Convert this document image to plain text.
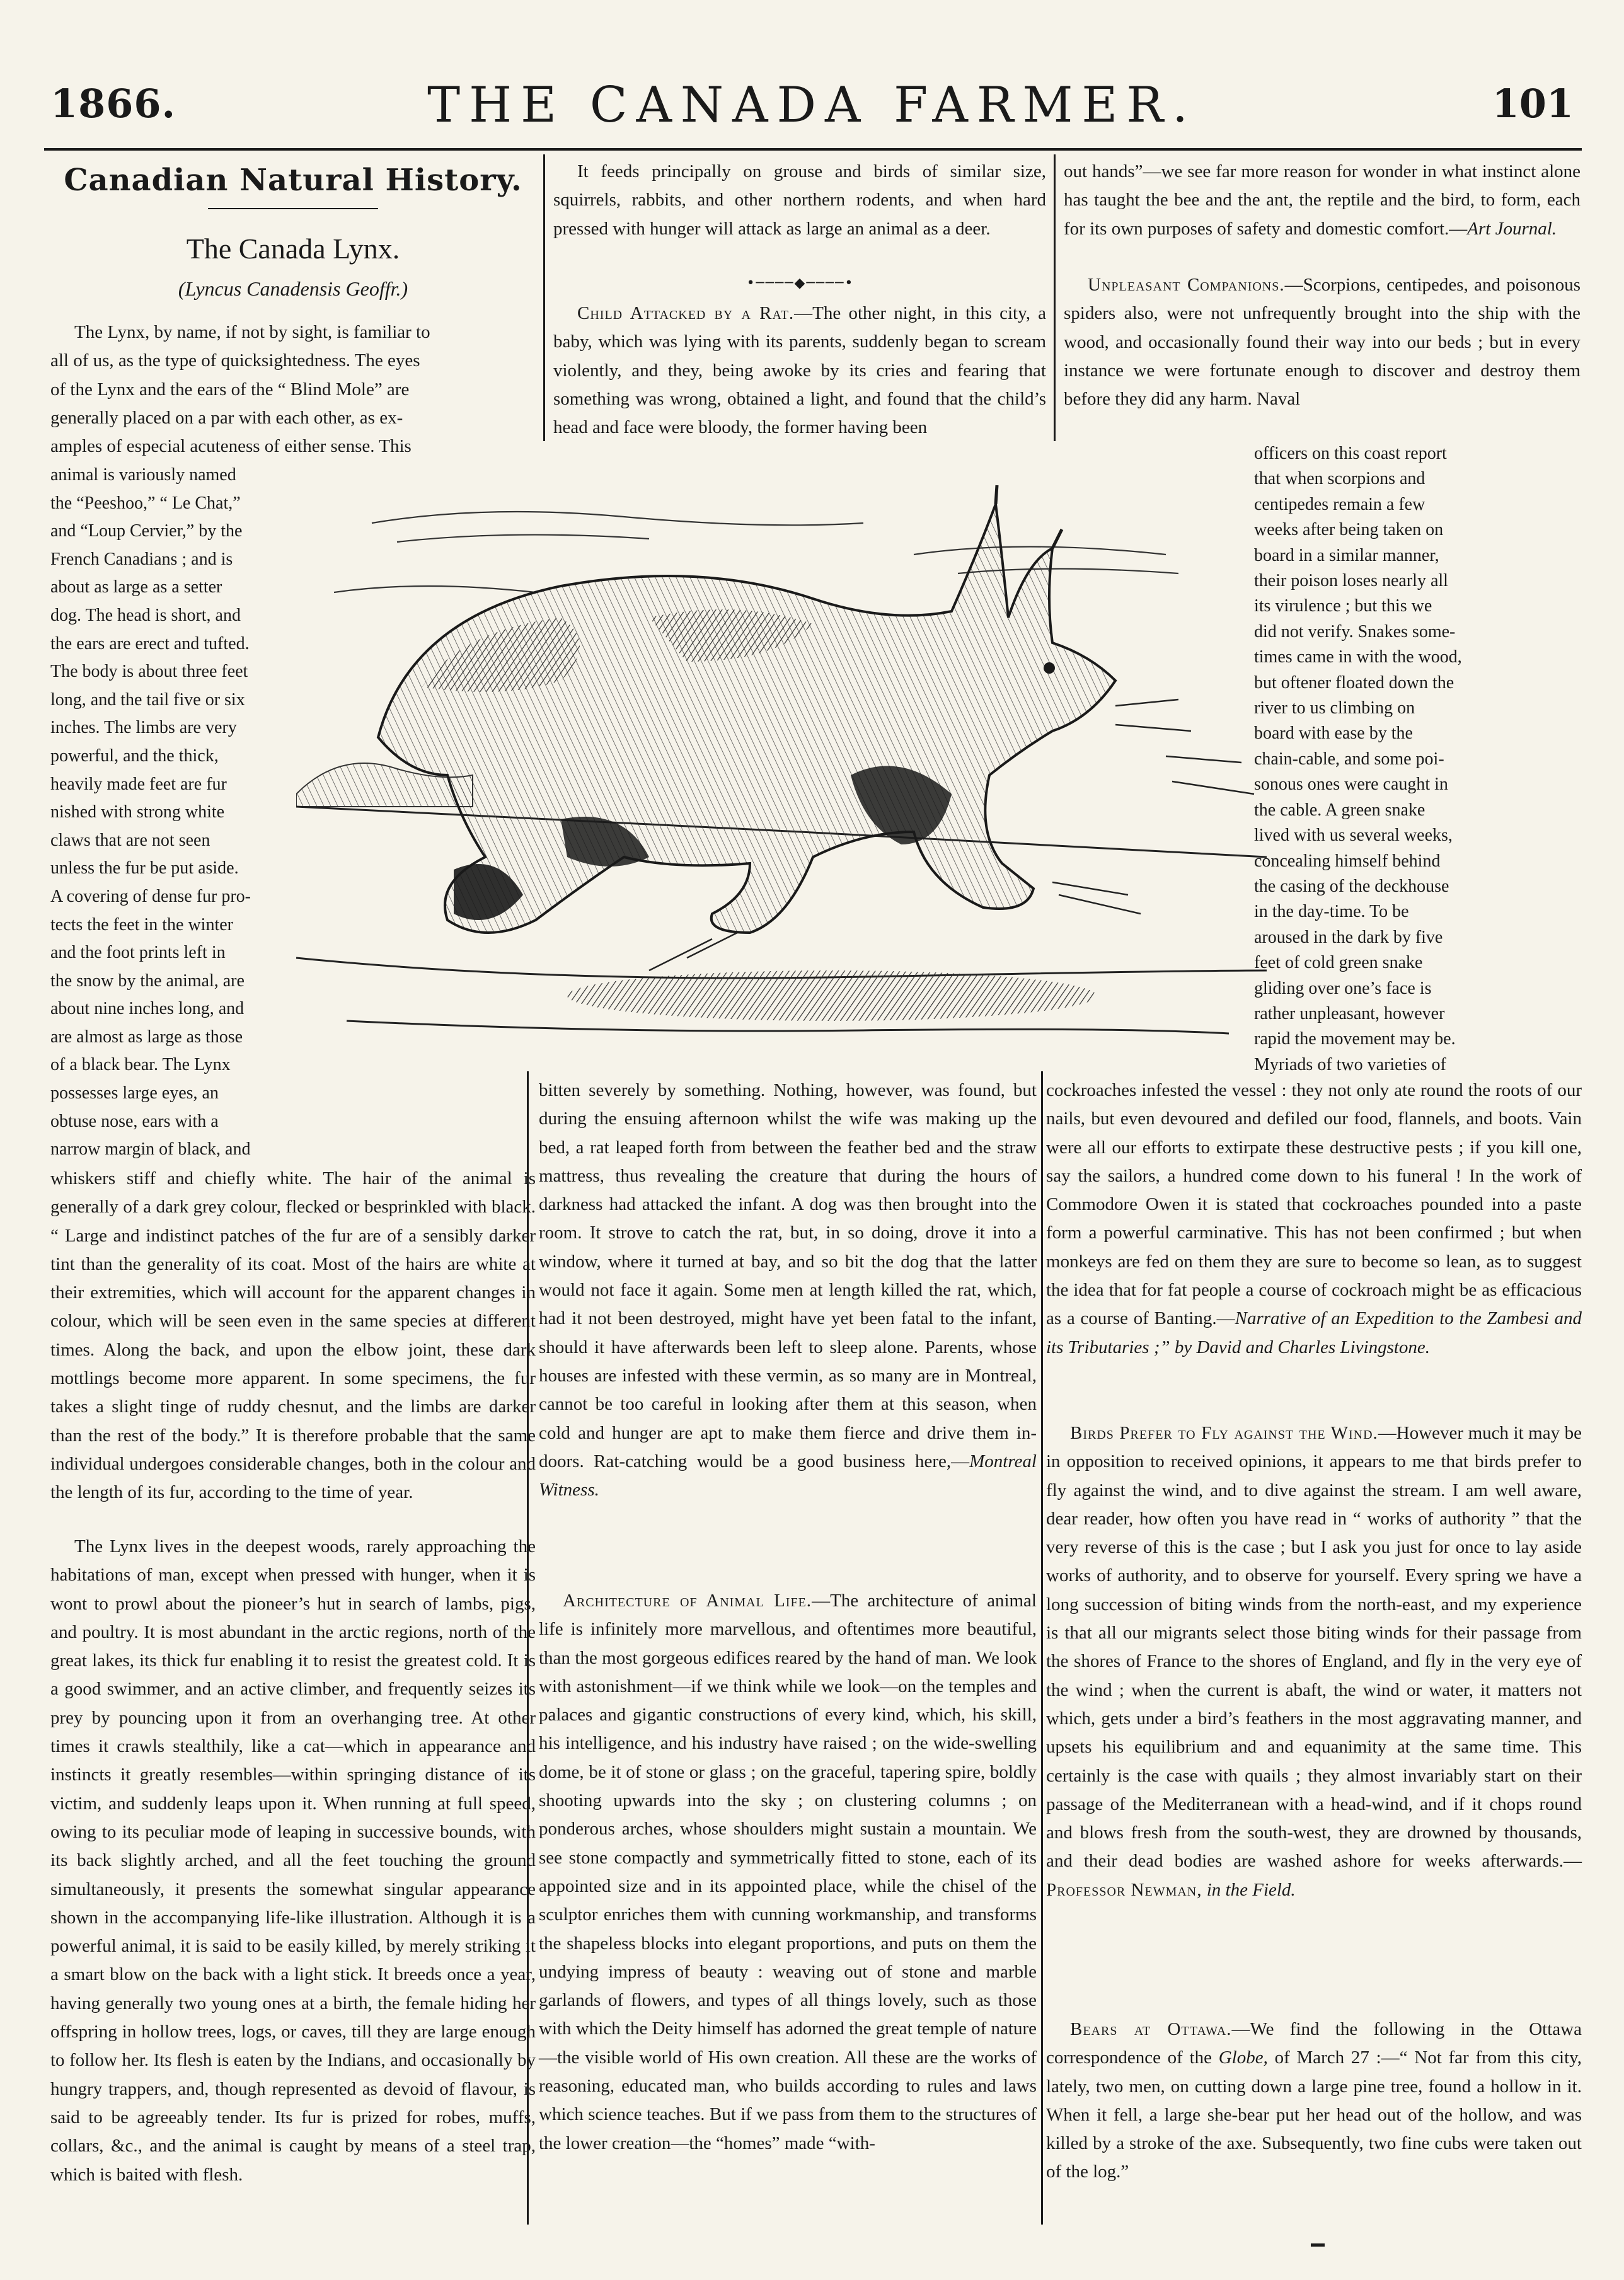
1866.	THE CANADA FARMER.	101
Canadian Natural History.
The Canada Lynx.
(Lyncus Canadensis Geoffr.)
The Lynx, by name, if not by sight, is familiar to
all of us, as the type of quicksightedness. The eyes
of the Lynx and the ears of the “ Blind Mole” are
generally placed on a par with each other, as ex-
amples of especial acuteness of either sense. This
animal is variously named
the “Peeshoo,” “ Le Chat,”
and “Loup Cervier,” by the
French Canadians ; and is
about as large as a setter
dog. The head is short, and
the ears are erect and tufted.
The body is about three feet
long, and the tail five or six
inches. The limbs are very
powerful, and the thick,
heavily made feet are fur
nished with strong white
claws that are not seen
unless the fur be put aside.
A covering of dense fur pro-
tects the feet in the winter
and the foot prints left in
the snow by the animal, are
about nine inches long, and
are almost as large as those
of a black bear. The Lynx
possesses large eyes, an
obtuse nose, ears with a
narrow margin of black, and

whiskers stiff and chiefly white. The hair of the animal is generally of a dark grey colour, flecked or besprinkled with black. “ Large and indistinct patches of the fur are of a sensibly darker tint than the generality of its coat. Most of the hairs are white at their extremities, which will account for the apparent changes in colour, which will be seen even in the same species at different times. Along the back, and upon the elbow joint, these dark mottlings become more apparent. In some specimens, the fur takes a slight tinge of ruddy chesnut, and the limbs are darker than the rest of the body.” It is therefore probable that the same individual undergoes considerable changes, both in the colour and the length of its fur, according to the time of year.

The Lynx lives in the deepest woods, rarely approaching the habitations of man, except when pressed with hunger, when it is wont to prowl about the pioneer’s hut in search of lambs, pigs, and poultry. It is most abundant in the arctic regions, north of the great lakes, its thick fur enabling it to resist the greatest cold. It is a good swimmer, and an active climber, and frequently seizes its prey by pouncing upon it from an overhanging tree. At other times it crawls stealthily, like a cat—which in appearance and instincts it greatly resembles—within springing distance of its victim, and suddenly leaps upon it. When running at full speed, owing to its peculiar mode of leaping in successive bounds, with its back slightly arched, and all the feet touching the ground simultaneously, it presents the somewhat singular appearance shown in the accompanying life-like illustration. Although it is a powerful animal, it is said to be easily killed, by merely striking it a smart blow on the back with a light stick. It breeds once a year, having generally two young ones at a birth, the female hiding her offspring in hollow trees, logs, or caves, till they are large enough to follow her. Its flesh is eaten by the Indians, and occasionally by hungry trappers, and, though represented as devoid of flavour, is said to be agreeably tender. Its fur is prized for robes, muffs, collars, &c., and the animal is caught by means of a steel trap, which is baited with flesh.

It feeds principally on grouse and birds of similar size, squirrels, rabbits, and other northern rodents, and when hard pressed with hunger will attack as large an animal as a deer.

•────◆────•

Child Attacked by a Rat.—The other night, in this city, a baby, which was lying with its parents, suddenly began to scream violently, and they, being awoke by its cries and fearing that something was wrong, obtained a light, and found that the child’s head and face were bloody, the former having been

bitten severely by something. Nothing, however, was found, but during the ensuing afternoon whilst the wife was making up the bed, a rat leaped forth from between the feather bed and the straw mattress, thus revealing the creature that during the hours of darkness had attacked the infant. A dog was then brought into the room. It strove to catch the rat, but, in so doing, drove it into a window, where it turned at bay, and so bit the dog that the latter would not face it again. Some men at length killed the rat, which, had it not been destroyed, might have yet been fatal to the infant, should it have afterwards been left to sleep alone. Parents, whose houses are infested with these vermin, as so many are in Montreal, cannot be too careful in looking after them at this season, when cold and hunger are apt to make them fierce and drive them in-doors. Rat-catching would be a good business here,—Montreal Witness.

Architecture of Animal Life.—The architecture of animal life is infinitely more marvellous, and oftentimes more beautiful, than the most gorgeous edifices reared by the hand of man. We look with astonishment—if we think while we look—on the temples and palaces and gigantic constructions of every kind, which, his skill, his intelligence, and his industry have raised ; on the wide-swelling dome, be it of stone or glass ; on the graceful, tapering spire, boldly shooting upwards into the sky ; on clustering columns ; on ponderous arches, whose shoulders might sustain a mountain. We see stone compactly and symmetrically fitted to stone, each of its appointed size and in its appointed place, while the chisel of the sculptor enriches them with cunning workmanship, and transforms the shapeless blocks into elegant proportions, and puts on them the undying impress of beauty : weaving out of stone and marble garlands of flowers, and types of all things lovely, such as those with which the Deity himself has adorned the great temple of nature—the visible world of His own creation. All these are the works of reasoning, educated man, who builds according to rules and laws which science teaches. But if we pass from them to the structures of the lower creation—the “homes” made “with-

out hands”—we see far more reason for wonder in what instinct alone has taught the bee and the ant, the reptile and the bird, to form, each for its own purposes of safety and domestic comfort.—Art Journal.

Unpleasant Companions.—Scorpions, centipedes, and poisonous spiders also, were not unfrequently brought into the ship with the wood, and occasionally found their way into our beds ; but in every instance we were fortunate enough to discover and destroy them before they did any harm. Naval

officers on this coast report
that when scorpions and
centipedes remain a few
weeks after being taken on
board in a similar manner,
their poison loses nearly all
its virulence ; but this we
did not verify. Snakes some-
times came in with the wood,
but oftener floated down the
river to us climbing on
board with ease by the
chain-cable, and some poi-
sonous ones were caught in
the cable. A green snake
lived with us several weeks,
concealing himself behind
the casing of the deckhouse
in the day-time. To be
aroused in the dark by five
feet of cold green snake
gliding over one’s face is
rather unpleasant, however
rapid the movement may be.
Myriads of two varieties of

cockroaches infested the vessel : they not only ate round the roots of our nails, but even devoured and defiled our food, flannels, and boots. Vain were all our efforts to extirpate these destructive pests ; if you kill one, say the sailors, a hundred come down to his funeral ! In the work of Commodore Owen it is stated that cockroaches pounded into a paste form a powerful carminative. This has not been confirmed ; but when monkeys are fed on them they are sure to become so lean, as to suggest the idea that for fat people a course of cockroach might be as efficacious as a course of Banting.—Narrative of an Expedition to the Zambesi and its Tributaries ;” by David and Charles Livingstone.

Birds Prefer to Fly against the Wind.—However much it may be in opposition to received opinions, it appears to me that birds prefer to fly against the wind, and to dive against the stream. I am well aware, dear reader, how often you have read in “ works of authority ” that the very reverse of this is the case ; but I ask you just for once to lay aside works of authority, and to observe for yourself. Every spring we have a long succession of biting winds from the north-east, and my experience is that all our migrants select those biting winds for their passage from the shores of France to the shores of England, and fly in the very eye of the wind ; when the current is abaft, the wind or water, it matters not which, gets under a bird’s feathers in the most aggravating manner, and upsets his equilibrium and and equanimity at the same time. This certainly is the case with quails ; they almost invariably start on their passage of the Mediterranean with a head-wind, and if it chops round and blows fresh from the south-west, they are drowned by thousands, and their dead bodies are washed ashore for weeks afterwards.—Professor Newman, in the Field.

Bears at Ottawa.—We find the following in the Ottawa correspondence of the Globe, of March 27 :—“ Not far from this city, lately, two men, on cutting down a large pine tree, found a hollow in it. When it fell, a large she-bear put her head out of the hollow, and was killed by a stroke of the axe. Subsequently, two fine cubs were taken out of the log.”
